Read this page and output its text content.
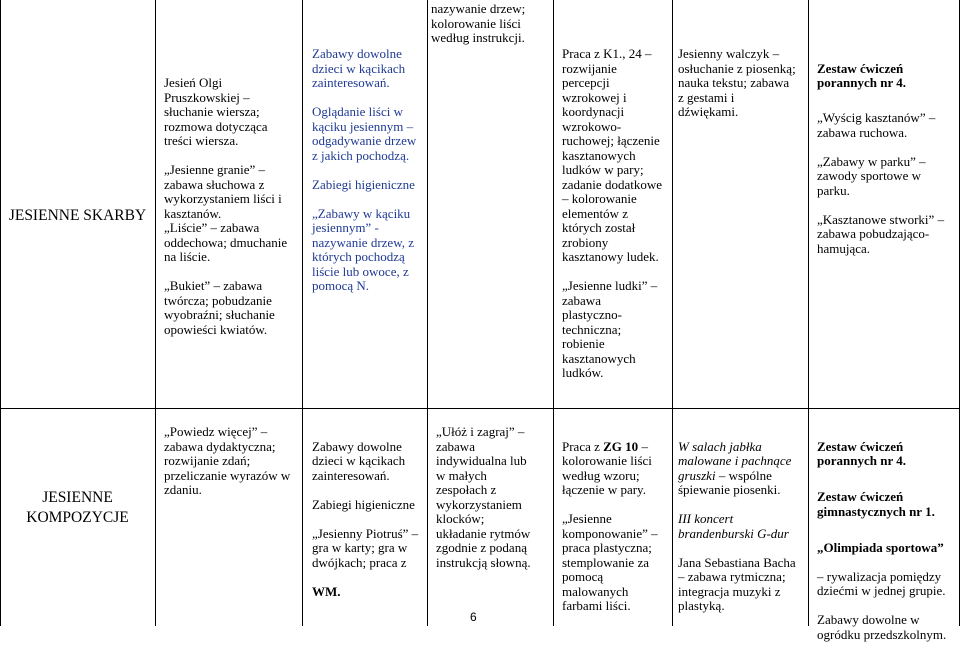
JESIENNE SKARBY

Jesień Olgi
Pruszkowskiej –
słuchanie wiersza;
rozmowa dotycząca
treści wiersza.

„Jesienne granie” –
zabawa słuchowa z
wykorzystaniem liści i
kasztanów.
„Liście” – zabawa
oddechowa; dmuchanie
na liście.

„Bukiet” – zabawa
twórcza; pobudzanie
wyobraźni; słuchanie
opowieści kwiatów.

Zabawy dowolne
dzieci w kącikach
zainteresowań.

Oglądanie liści w
kąciku jesiennym –
odgadywanie drzew
z jakich pochodzą.

Zabiegi higieniczne

„Zabawy w kąciku
jesiennym” -
nazywanie drzew, z
których pochodzą
liście lub owoce, z
pomocą N.
nazywanie drzew;
kolorowanie liści
według instrukcji.
Praca z K1., 24 –
rozwijanie
percepcji
wzrokowej i
koordynacji
wzrokowo-
ruchowej; łączenie
kasztanowych
ludków w pary;
zadanie dodatkowe
– kolorowanie
elementów z
których został
zrobiony
kasztanowy ludek.

„Jesienne ludki” –
zabawa
plastyczno-
techniczna;
robienie
kasztanowych
ludków.
Jesienny walczyk –
osłuchanie z piosenką;
nauka tekstu; zabawa
z gestami i
dźwiękami.

Zestaw ćwiczeń
porannych nr 4.

„Wyścig kasztanów” –
zabawa ruchowa.

„Zabawy w parku” –
zawody sportowe w
parku.

„Kasztanowe stworki” –
zabawa pobudzająco-
hamująca.

JESIENNE
KOMPOZYCJE
„Powiedz więcej” –
zabawa dydaktyczna;
rozwijanie zdań;
przeliczanie wyrazów w
zdaniu.

Zabawy dowolne
dzieci w kącikach
zainteresowań.

Zabiegi higieniczne

„Jesienny Piotruś” –
gra w karty; gra w
dwójkach; praca z

WM.

„Ułóż i zagraj” –
zabawa
indywidualna lub
w małych
zespołach z
wykorzystaniem
klocków;
układanie rytmów
zgodnie z podaną
instrukcją słowną.

Praca z ZG 10 –

kolorowanie liści
według wzoru;
łączenie w pary.

„Jesienne
komponowanie” –
praca plastyczna;
stemplowanie za
pomocą
malowanych
farbami liści.

W salach jabłka
malowane i pachnące
gruszki – wspólne
śpiewanie piosenki.

III koncert
brandenburski G-dur

Jana Sebastiana Bacha
– zabawa rytmiczna;
integracja muzyki z
plastyką.

Zestaw ćwiczeń
porannych nr 4.

Zestaw ćwiczeń
gimnastycznych nr 1.

„Olimpiada sportowa”

– rywalizacja pomiędzy
dziećmi w jednej grupie.

Zabawy dowolne w
ogródku przedszkolnym.

6
